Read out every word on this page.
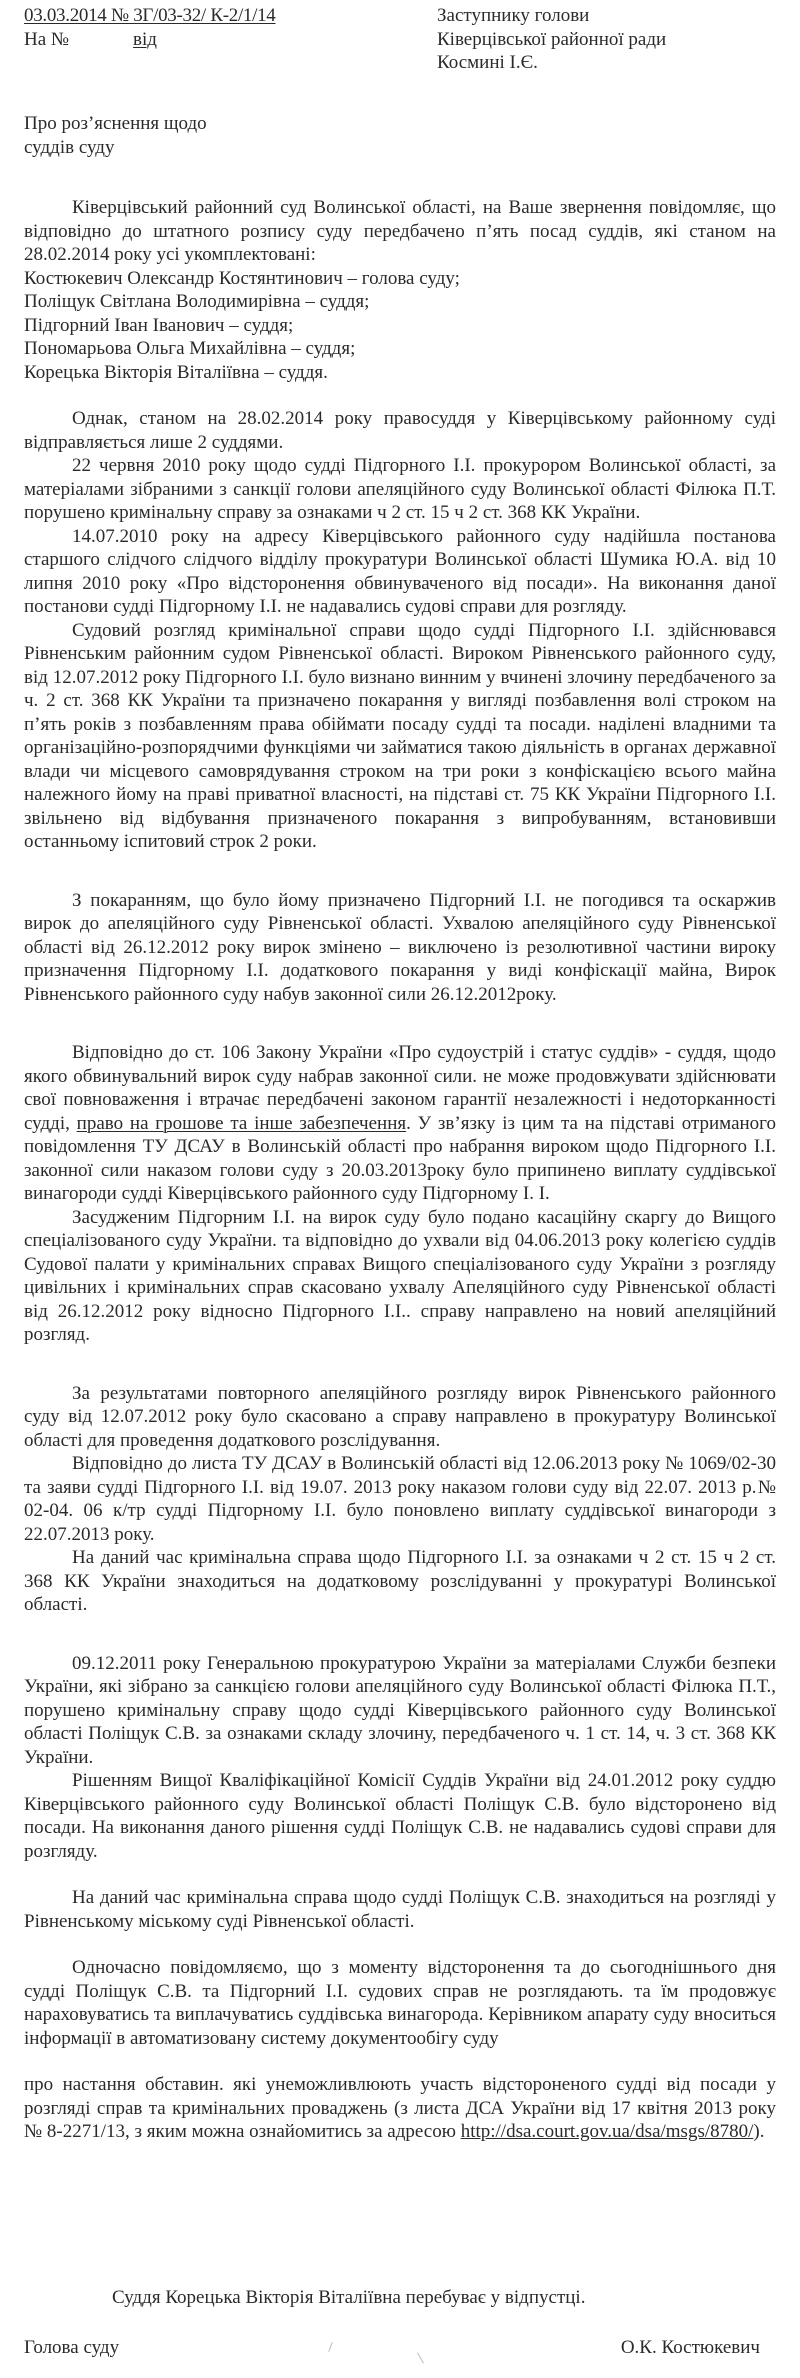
03.03.2014 № 3Г/03-32/ К-2/1/14
На №	від
Заступнику голови
Ківерцівської районної ради
Космині І.Є.
Про роз’яснення щодо
суддів суду

Ківерцівський районний суд Волинської області, на Ваше звернення повідомляє, що відповідно до штатного розпису суду передбачено п’ять посад суддів, які станом на 28.02.2014 року усі укомплектовані:

Костюкевич Олександр Костянтинович – голова суду;
Поліщук Світлана Володимирівна – суддя;
Підгорний Іван Іванович – суддя;
Пономарьова Ольга Михайлівна – суддя;
Корецька Вікторія Віталіївна – суддя.

Однак, станом на 28.02.2014 року правосуддя у Ківерцівському районному суді відправляється лише 2 суддями.

22 червня 2010 року щодо судді Підгорного І.І. прокурором Волинської області, за матеріалами зібраними з санкції голови апеляційного суду Волинської області Філюка П.Т. порушено кримінальну справу за ознаками ч 2 ст. 15 ч 2 ст. 368 КК України.

14.07.2010 року на адресу Ківерцівського районного суду надійшла постанова старшого слідчого слідчого відділу прокуратури Волинської області Шумика Ю.А. від 10 липня 2010 року «Про відсторонення обвинуваченого від посади». На виконання даної постанови судді Підгорному І.І. не надавались судові справи для розгляду.

Судовий розгляд кримінальної справи щодо судді Підгорного І.І. здійснювався Рівненським районним судом Рівненської області. Вироком Рівненського районного суду, від 12.07.2012 року Підгорного І.І. було визнано винним у вчинені злочину передбаченого за ч. 2 ст. 368 КК України та призначено покарання у вигляді позбавлення волі строком на п’ять років з позбавленням права обіймати посаду судді та посади. наділені владними та організаційно-розпорядчими функціями чи займатися такою діяльність в органах державної влади чи місцевого самоврядування строком на три роки з конфіскацією всього майна належного йому на праві приватної власності, на підставі ст. 75 КК України Підгорного І.І. звільнено від відбування призначеного покарання з випробуванням, встановивши останньому іспитовий строк 2 роки.

З покаранням, що було йому призначено Підгорний І.І. не погодився та оскаржив вирок до апеляційного суду Рівненської області. Ухвалою апеляційного суду Рівненської області від 26.12.2012 року вирок змінено – виключено із резолютивної частини вироку призначення Підгорному І.І. додаткового покарання у виді конфіскації майна, Вирок Рівненського районного суду набув законної сили 26.12.2012року.

Відповідно до ст. 106 Закону України «Про судоустрій і статус суддів» - суддя, щодо якого обвинувальний вирок суду набрав законної сили. не може продовжувати здійснювати свої повноваження і втрачає передбачені законом гарантії незалежності і недоторканності судді, право на грошове та інше забезпечення. У зв’язку із цим та на підставі отриманого повідомлення ТУ ДСАУ в Волинській області про набрання вироком щодо Підгорного І.І. законної сили наказом голови суду з 20.03.2013року було припинено виплату суддівської винагороди судді Ківерцівського районного суду Підгорному І. І.

Засудженим Підгорним І.І. на вирок суду було подано касаційну скаргу до Вищого спеціалізованого суду України. та відповідно до ухвали від 04.06.2013 року колегією суддів Судової палати у кримінальних справах Вищого спеціалізованого суду України з розгляду цивільних і кримінальних справ скасовано ухвалу Апеляційного суду Рівненської області від 26.12.2012 року відносно Підгорного І.І.. справу направлено на новий апеляційний розгляд.

За результатами повторного апеляційного розгляду вирок Рівненського районного суду від 12.07.2012 року було скасовано а справу направлено в прокуратуру Волинської області для проведення додаткового розслідування.

Відповідно до листа ТУ ДСАУ в Волинській області від 12.06.2013 року № 1069/02-30 та заяви судді Підгорного І.І. від 19.07. 2013 року наказом голови суду від 22.07. 2013 р.№ 02-04. 06 к/тр судді Підгорному І.І. було поновлено виплату суддівської винагороди з 22.07.2013 року.

На даний час кримінальна справа щодо Підгорного І.І. за ознаками ч 2 ст. 15 ч 2 ст. 368 КК України знаходиться на додатковому розслідуванні у прокуратурі Волинської області.

09.12.2011 року Генеральною прокуратурою України за матеріалами Служби безпеки України, які зібрано за санкцією голови апеляційного суду Волинської області Філюка П.Т., порушено кримінальну справу щодо судді Ківерцівського районного суду Волинської області Поліщук С.В. за ознаками складу злочину, передбаченого ч. 1 ст. 14, ч. 3 ст. 368 КК України.

Рішенням Вищої Кваліфікаційної Комісії Суддів України від 24.01.2012 року суддю Ківерцівського районного суду Волинської області Поліщук С.В. було відсторонено від посади. На виконання даного рішення судді Поліщук С.В. не надавались судові справи для розгляду.

На даний час кримінальна справа щодо судді Поліщук С.В. знаходиться на розгляді у Рівненському міському суді Рівненської області.

Одночасно повідомляємо, що з моменту відсторонення та до сьогоднішнього дня судді Поліщук С.В. та Підгорний І.І. судових справ не розглядають. та їм продовжує нараховуватись та виплачуватись суддівська винагорода. Керівником апарату суду вноситься інформації в автоматизовану систему документообігу суду

про настання обставин. які унеможливлюють участь відстороненого судді від посади у розгляді справ та кримінальних проваджень (з листа ДСА України від 17 квітня 2013 року № 8-2271/13, з яким можна ознайомитись за адресою http://dsa.court.gov.ua/dsa/msgs/8780/).

Суддя Корецька Вікторія Віталіївна перебуває у відпустці.
Голова суду	О.К. Костюкевич
